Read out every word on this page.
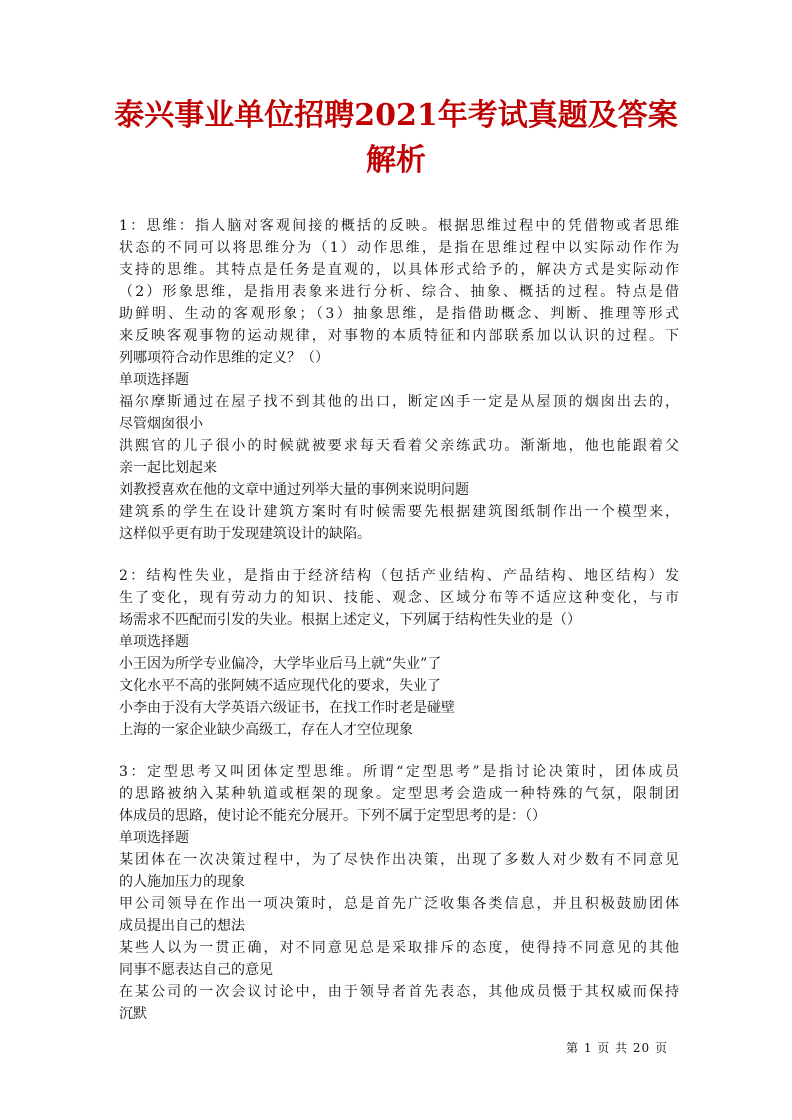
泰兴事业单位招聘2021年考试真题及答案
解析
1：思维：指人脑对客观间接的概括的反映。根据思维过程中的凭借物或者思维
状态的不同可以将思维分为（1）动作思维，是指在思维过程中以实际动作作为
支持的思维。其特点是任务是直观的，以具体形式给予的，解决方式是实际动作
（2）形象思维，是指用表象来进行分析、综合、抽象、概括的过程。特点是借
助鲜明、生动的客观形象；（3）抽象思维，是指借助概念、判断、推理等形式
来反映客观事物的运动规律，对事物的本质特征和内部联系加以认识的过程。下
列哪项符合动作思维的定义？（）
单项选择题
福尔摩斯通过在屋子找不到其他的出口，断定凶手一定是从屋顶的烟囱出去的，
尽管烟囱很小
洪熙官的儿子很小的时候就被要求每天看着父亲练武功。渐渐地，他也能跟着父
亲一起比划起来
刘教授喜欢在他的文章中通过列举大量的事例来说明问题
建筑系的学生在设计建筑方案时有时候需要先根据建筑图纸制作出一个模型来，
这样似乎更有助于发现建筑设计的缺陷。
2：结构性失业，是指由于经济结构（包括产业结构、产品结构、地区结构）发
生了变化，现有劳动力的知识、技能、观念、区域分布等不适应这种变化，与市
场需求不匹配而引发的失业。根据上述定义，下列属于结构性失业的是（）
单项选择题
小王因为所学专业偏冷，大学毕业后马上就“失业”了
文化水平不高的张阿姨不适应现代化的要求，失业了
小李由于没有大学英语六级证书，在找工作时老是碰壁
上海的一家企业缺少高级工，存在人才空位现象
3：定型思考又叫团体定型思维。所谓“定型思考”是指讨论决策时，团体成员
的思路被纳入某种轨道或框架的现象。定型思考会造成一种特殊的气氛，限制团
体成员的思路，使讨论不能充分展开。下列不属于定型思考的是：（）
单项选择题
某团体在一次决策过程中，为了尽快作出决策，出现了多数人对少数有不同意见
的人施加压力的现象
甲公司领导在作出一项决策时，总是首先广泛收集各类信息，并且积极鼓励团体
成员提出自己的想法
某些人以为一贯正确，对不同意见总是采取排斥的态度，使得持不同意见的其他
同事不愿表达自己的意见
在某公司的一次会议讨论中，由于领导者首先表态，其他成员慑于其权威而保持
沉默
第 1 页 共 20 页
